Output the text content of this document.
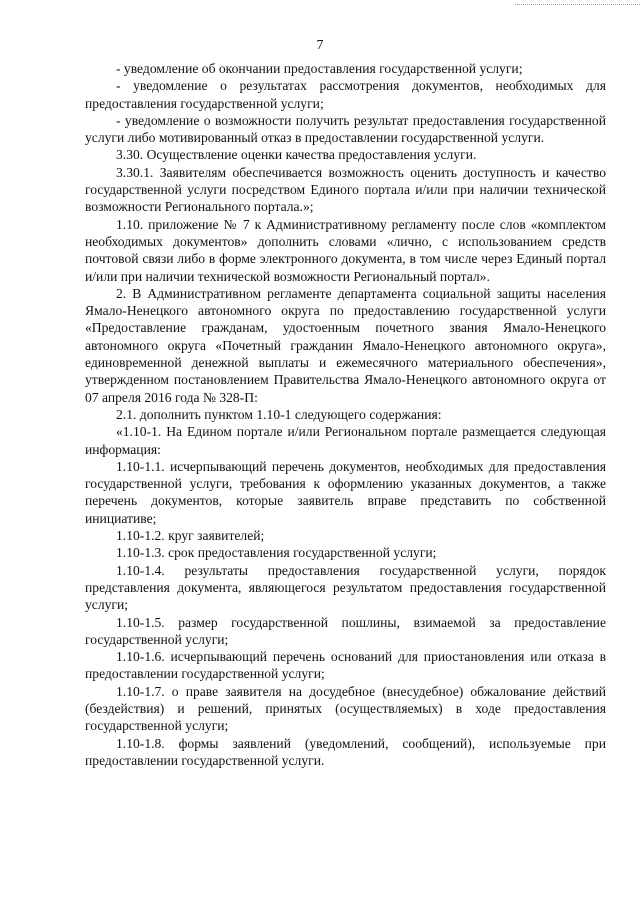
7

- уведомление об окончании предоставления государственной услуги;

- уведомление о результатах рассмотрения документов, необходимых для предоставления государственной услуги;

- уведомление о возможности получить результат предоставления государственной услуги либо мотивированный отказ в предоставлении государственной услуги.

3.30. Осуществление оценки качества предоставления услуги.

3.30.1. Заявителям обеспечивается возможность оценить доступность и качество государственной услуги посредством Единого портала и/или при наличии технической возможности Регионального портала.»;

1.10. приложение № 7 к Административному регламенту после слов «комплектом необходимых документов» дополнить словами «лично, с использованием средств почтовой связи либо в форме электронного документа, в том числе через Единый портал и/или при наличии технической возможности Региональный портал».

2. В Административном регламенте департамента социальной защиты населения Ямало-Ненецкого автономного округа по предоставлению государственной услуги «Предоставление гражданам, удостоенным почетного звания Ямало-Ненецкого автономного округа «Почетный гражданин Ямало-Ненецкого автономного округа», единовременной денежной выплаты и ежемесячного материального обеспечения», утвержденном постановлением Правительства Ямало-Ненецкого автономного округа от 07 апреля 2016 года № 328-П:

2.1. дополнить пунктом 1.10-1 следующего содержания:

«1.10-1. На Едином портале и/или Региональном портале размещается следующая информация:

1.10-1.1. исчерпывающий перечень документов, необходимых для предоставления государственной услуги, требования к оформлению указанных документов, а также перечень документов, которые заявитель вправе представить по собственной инициативе;

1.10-1.2. круг заявителей;

1.10-1.3. срок предоставления государственной услуги;

1.10-1.4. результаты предоставления государственной услуги, порядок представления документа, являющегося результатом предоставления государственной услуги;

1.10-1.5. размер государственной пошлины, взимаемой за предоставление государственной услуги;

1.10-1.6. исчерпывающий перечень оснований для приостановления или отказа в предоставлении государственной услуги;

1.10-1.7. о праве заявителя на досудебное (внесудебное) обжалование действий (бездействия) и решений, принятых (осуществляемых) в ходе предоставления государственной услуги;

1.10-1.8. формы заявлений (уведомлений, сообщений), используемые при предоставлении государственной услуги.
